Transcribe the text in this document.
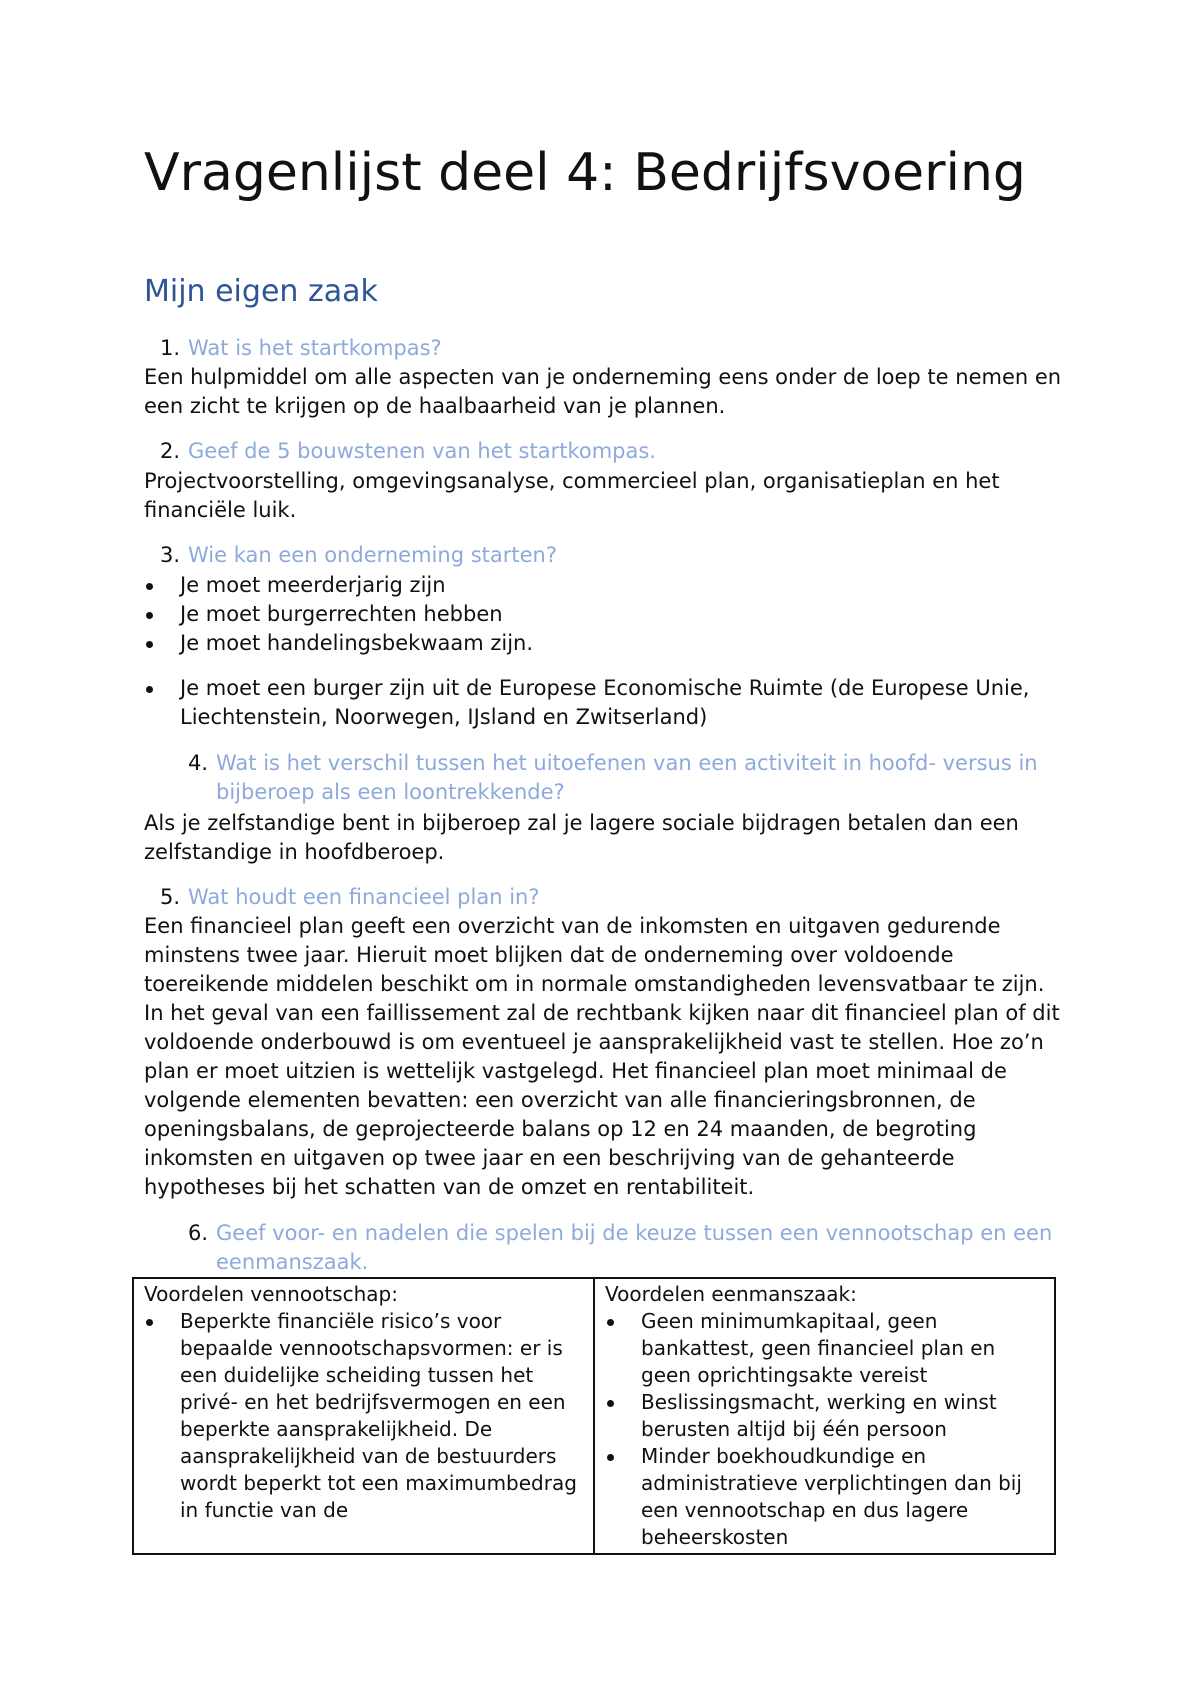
Vragenlijst deel 4: Bedrijfsvoering
Mijn eigen zaak

1. Wat is het startkompas?

Een hulpmiddel om alle aspecten van je onderneming eens onder de loep te nemen en een zicht te krijgen op de haalbaarheid van je plannen.

2. Geef de 5 bouwstenen van het startkompas.

Projectvoorstelling, omgevingsanalyse, commercieel plan, organisatieplan en het financiële luik.

3. Wie kan een onderneming starten?

Je moet meerderjarig zijn
Je moet burgerrechten hebben
Je moet handelingsbekwaam zijn.
Je moet een burger zijn uit de Europese Economische Ruimte (de Europese Unie, Liechtenstein, Noorwegen, IJsland en Zwitserland)
4. Wat is het verschil tussen het uitoefenen van een activiteit in hoofd- versus in bijberoep als een loontrekkende?

Als je zelfstandige bent in bijberoep zal je lagere sociale bijdragen betalen dan een zelfstandige in hoofdberoep.

5. Wat houdt een financieel plan in?

Een financieel plan geeft een overzicht van de inkomsten en uitgaven gedurende minstens twee jaar. Hieruit moet blijken dat de onderneming over voldoende toereikende middelen beschikt om in normale omstandigheden levensvatbaar te zijn. In het geval van een faillissement zal de rechtbank kijken naar dit financieel plan of dit voldoende onderbouwd is om eventueel je aansprakelijkheid vast te stellen. Hoe zo’n plan er moet uitzien is wettelijk vastgelegd. Het financieel plan moet minimaal de volgende elementen bevatten: een overzicht van alle financieringsbronnen, de openingsbalans, de geprojecteerde balans op 12 en 24 maanden, de begroting inkomsten en uitgaven op twee jaar en een beschrijving van de gehanteerde hypotheses bij het schatten van de omzet en rentabiliteit.

6. Geef voor- en nadelen die spelen bij de keuze tussen een vennootschap en een eenmanszaak.

Voordelen vennootschap:

Beperkte financiële risico’s voor bepaalde vennootschapsvormen: er is een duidelijke scheiding tussen het privé- en het bedrijfsvermogen en een beperkte aansprakelijkheid. De aansprakelijkheid van de bestuurders wordt beperkt tot een maximumbedrag in functie van de

Voordelen eenmanszaak:

Geen minimumkapitaal, geen bankattest, geen financieel plan en geen oprichtingsakte vereist
Beslissingsmacht, werking en winst berusten altijd bij één persoon
Minder boekhoudkundige en administratieve verplichtingen dan bij een vennootschap en dus lagere beheerskosten
